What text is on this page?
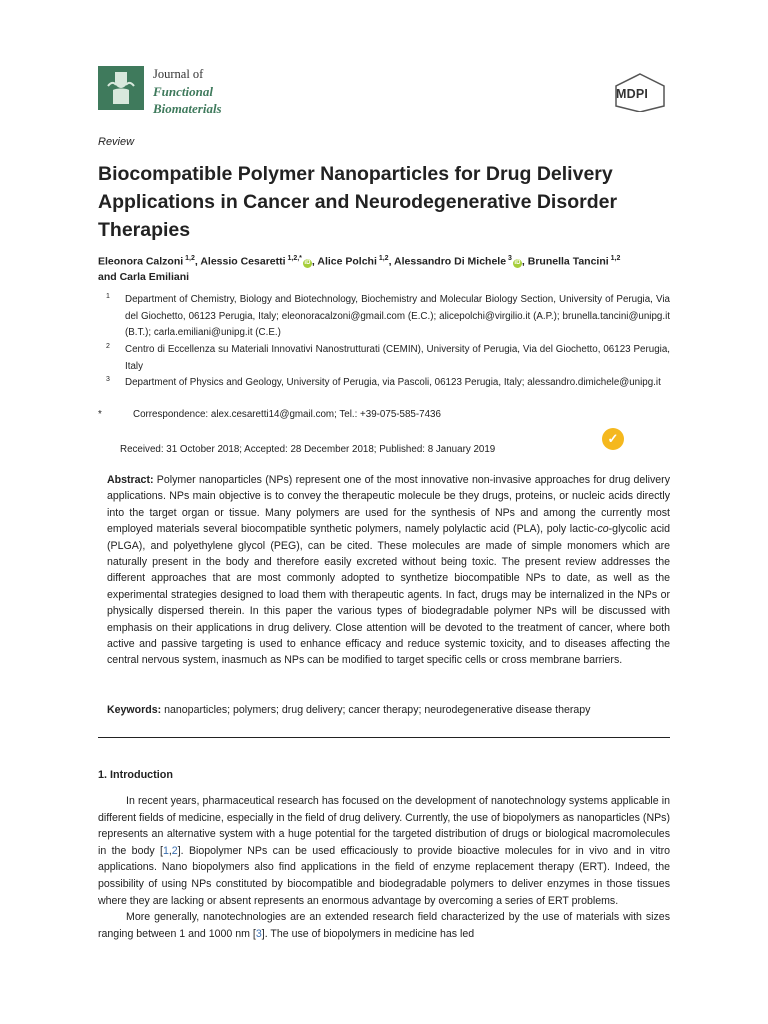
Journal of
Functional
Biomaterials
MDPI
Review
Biocompatible Polymer Nanoparticles for Drug Delivery Applications in Cancer and Neurodegenerative Disorder Therapies
Eleonora Calzoni $^{1,2}$, Alessio Cesaretti $^{1,2,*}$iD , Alice Polchi $^{1,2}$, Alessandro Di Michele $^3$iD , Brunella Tancini $^{1,2}$
and Carla Emiliani
1 Department of Chemistry, Biology and Biotechnology, Biochemistry and Molecular Biology Section, University of Perugia, Via del Giochetto, 06123 Perugia, Italy; eleonoracalzoni@gmail.com (E.C.); alicepolchi@virgilio.it (A.P.); brunella.tancini@unipg.it (B.T.); carla.emiliani@unipg.it (C.E.)
2 Centro di Eccellenza su Materiali Innovativi Nanostrutturati (CEMIN), University of Perugia, Via del Giochetto, 06123 Perugia, Italy
3 Department of Physics and Geology, University of Perugia, via Pascoli, 06123 Perugia, Italy; alessandro.dimichele@unipg.it
*	Correspondence: alex.cesaretti14@gmail.com; Tel.: +39-075-585-7436
Received: 31 October 2018; Accepted: 28 December 2018; Published: 8 January 2019
✓
Abstract: Polymer nanoparticles (NPs) represent one of the most innovative non-invasive approaches for drug delivery applications. NPs main objective is to convey the therapeutic molecule be they drugs, proteins, or nucleic acids directly into the target organ or tissue. Many polymers are used for the synthesis of NPs and among the currently most employed materials several biocompatible synthetic polymers, namely polylactic acid (PLA), poly lactic-co-glycolic acid (PLGA), and polyethylene glycol (PEG), can be cited. These molecules are made of simple monomers which are naturally present in the body and therefore easily excreted without being toxic. The present review addresses the different approaches that are most commonly adopted to synthetize biocompatible NPs to date, as well as the experimental strategies designed to load them with therapeutic agents. In fact, drugs may be internalized in the NPs or physically dispersed therein. In this paper the various types of biodegradable polymer NPs will be discussed with emphasis on their applications in drug delivery. Close attention will be devoted to the treatment of cancer, where both active and passive targeting is used to enhance efficacy and reduce systemic toxicity, and to diseases affecting the central nervous system, inasmuch as NPs can be modified to target specific cells or cross membrane barriers.
Keywords: nanoparticles; polymers; drug delivery; cancer therapy; neurodegenerative disease therapy
1. Introduction

In recent years, pharmaceutical research has focused on the development of nanotechnology systems applicable in different fields of medicine, especially in the field of drug delivery. Currently, the use of biopolymers as nanoparticles (NPs) represents an alternative system with a huge potential for the targeted distribution of drugs or biological macromolecules in the body [1,2]. Biopolymer NPs can be used efficaciously to provide bioactive molecules for in vivo and in vitro applications. Nano biopolymers also find applications in the field of enzyme replacement therapy (ERT). Indeed, the possibility of using NPs constituted by biocompatible and biodegradable polymers to deliver enzymes in those tissues where they are lacking or absent represents an enormous advantage by overcoming a series of ERT problems.

More generally, nanotechnologies are an extended research field characterized by the use of materials with sizes ranging between 1 and 1000 nm [3]. The use of biopolymers in medicine has led
